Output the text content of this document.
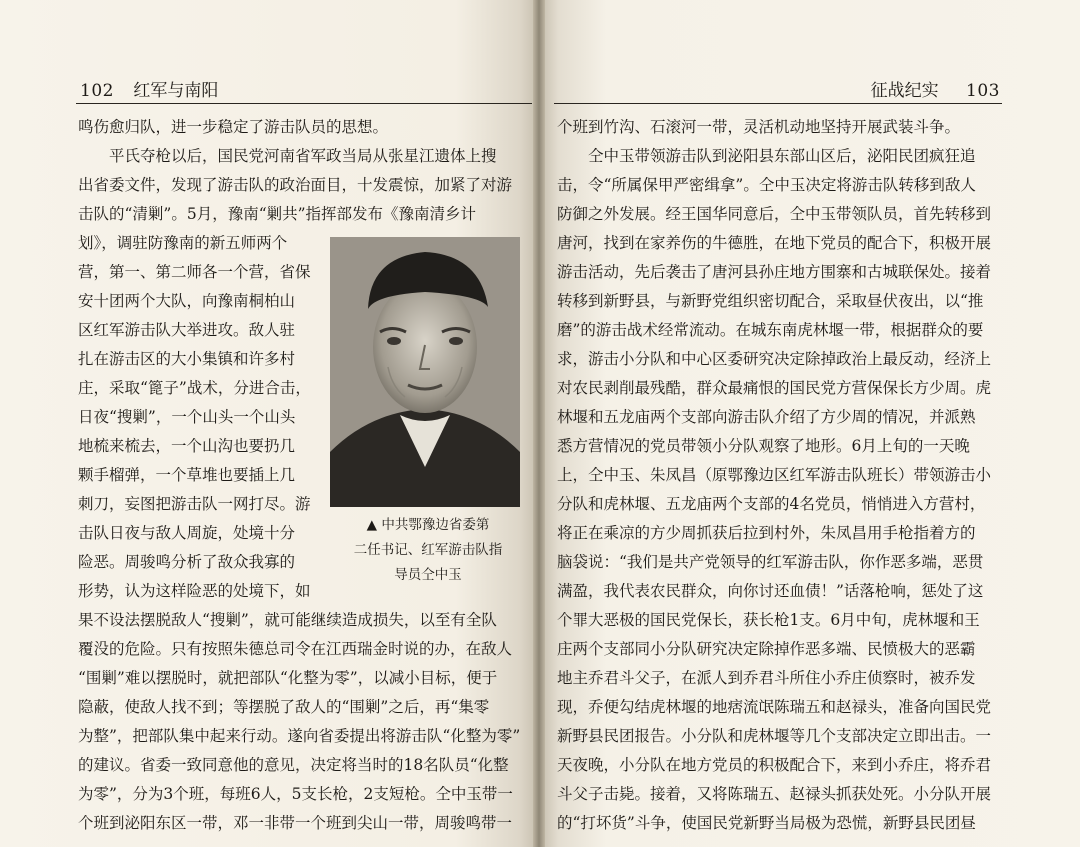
102 红军与南阳	征战纪实 103
鸣伤愈归队，进一步稳定了游击队员的思想。
平氏夺枪以后，国民党河南省军政当局从张星江遗体上搜
出省委文件，发现了游击队的政治面目，十发震惊，加紧了对游
击队的“清剿”。5月，豫南“剿共”指挥部发布《豫南清乡计
划》，调驻防豫南的新五师两个
营，第一、第二师各一个营，省保
安十团两个大队，向豫南桐柏山
区红军游击队大举进攻。敌人驻
扎在游击区的大小集镇和许多村
庄，采取“篦子”战术，分进合击，
日夜“搜剿”，一个山头一个山头
地梳来梳去，一个山沟也要扔几
颗手榴弹，一个草堆也要插上几
刺刀，妄图把游击队一网打尽。游
击队日夜与敌人周旋，处境十分
险恶。周骏鸣分析了敌众我寡的
形势，认为这样险恶的处境下，如
果不设法摆脱敌人“搜剿”，就可能继续造成损失，以至有全队
覆没的危险。只有按照朱德总司令在江西瑞金时说的办，在敌人
“围剿”难以摆脱时，就把部队“化整为零”，以减小目标，便于
隐蔽，使敌人找不到；等摆脱了敌人的“围剿”之后，再“集零
为整”，把部队集中起来行动。遂向省委提出将游击队“化整为零”
的建议。省委一致同意他的意见，决定将当时的18名队员“化整
为零”，分为3个班，每班6人，5支长枪，2支短枪。仝中玉带一
个班到泌阳东区一带，邓一非带一个班到尖山一带，周骏鸣带一
▲ 中共鄂豫边省委第
二任书记、红军游击队指
导员仝中玉
个班到竹沟、石滚河一带，灵活机动地坚持开展武装斗争。
仝中玉带领游击队到泌阳县东部山区后，泌阳民团疯狂追
击，令“所属保甲严密缉拿”。仝中玉决定将游击队转移到敌人
防御之外发展。经王国华同意后，仝中玉带领队员，首先转移到
唐河，找到在家养伤的牛德胜，在地下党员的配合下，积极开展
游击活动，先后袭击了唐河县孙庄地方围寨和古城联保处。接着
转移到新野县，与新野党组织密切配合，采取昼伏夜出，以“推
磨”的游击战术经常流动。在城东南虎林堰一带，根据群众的要
求，游击小分队和中心区委研究决定除掉政治上最反动，经济上
对农民剥削最残酷，群众最痛恨的国民党方营保保长方少周。虎
林堰和五龙庙两个支部向游击队介绍了方少周的情况，并派熟
悉方营情况的党员带领小分队观察了地形。6月上旬的一天晚
上，仝中玉、朱凤昌（原鄂豫边区红军游击队班长）带领游击小
分队和虎林堰、五龙庙两个支部的4名党员，悄悄进入方营村，
将正在乘凉的方少周抓获后拉到村外，朱凤昌用手枪指着方的
脑袋说：“我们是共产党领导的红军游击队，你作恶多端，恶贯
满盈，我代表农民群众，向你讨还血债！”话落枪响，惩处了这
个罪大恶极的国民党保长，获长枪1支。6月中旬，虎林堰和王
庄两个支部同小分队研究决定除掉作恶多端、民愤极大的恶霸
地主乔君斗父子，在派人到乔君斗所住小乔庄侦察时，被乔发
现，乔便勾结虎林堰的地痞流氓陈瑞五和赵禄头，准备向国民党
新野县民团报告。小分队和虎林堰等几个支部决定立即出击。一
天夜晚，小分队在地方党员的积极配合下，来到小乔庄，将乔君
斗父子击毙。接着，又将陈瑞五、赵禄头抓获处死。小分队开展
的“打坏货”斗争，使国民党新野当局极为恐慌，新野县民团昼
